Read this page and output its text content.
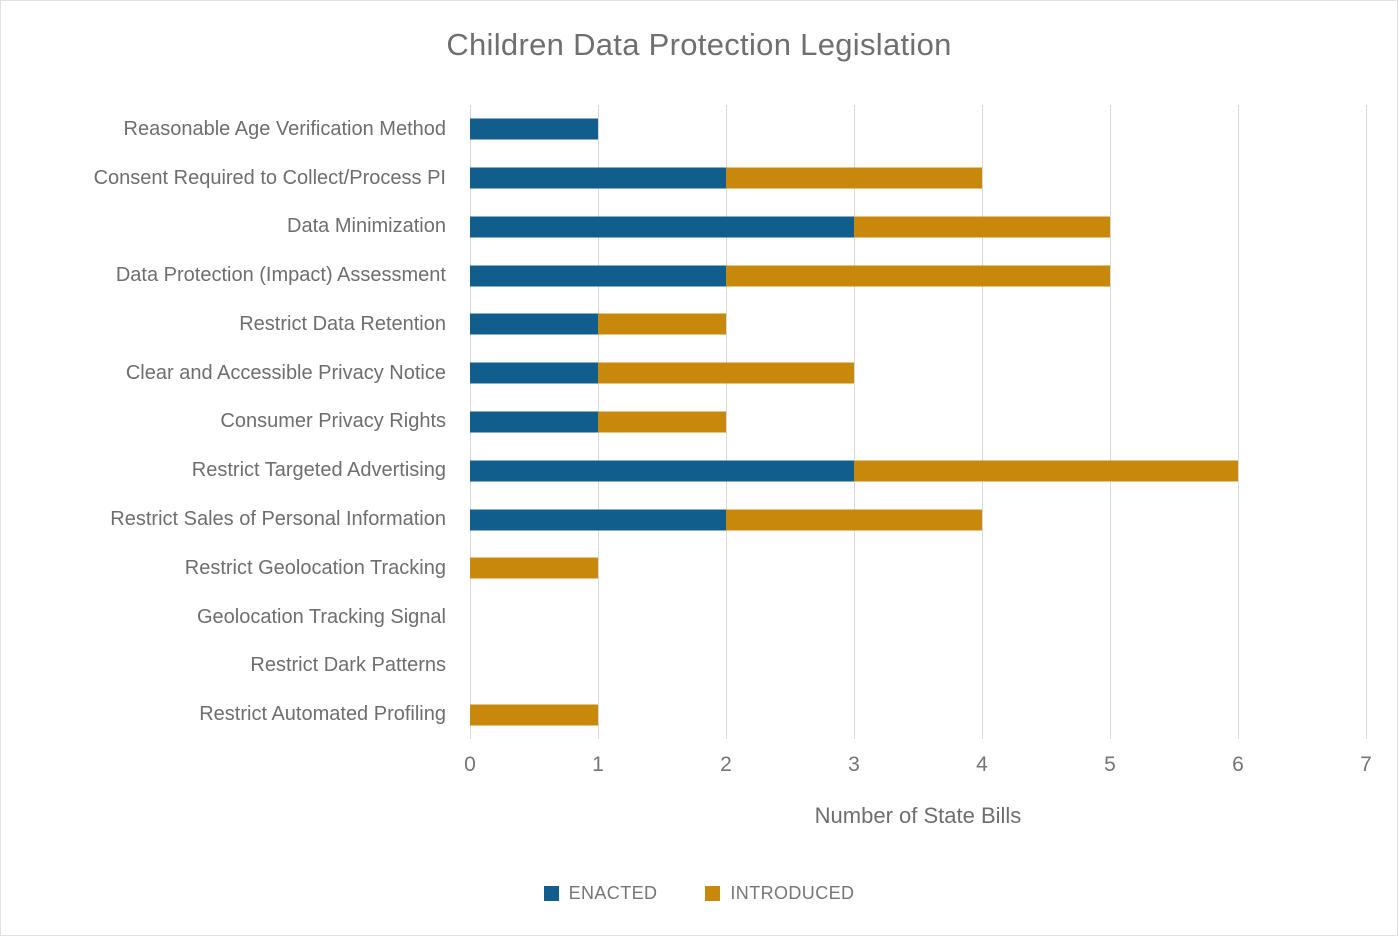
Children Data Protection Legislation
Reasonable Age Verification Method
Consent Required to Collect/Process PI
Data Minimization
Data Protection (Impact) Assessment
Restrict Data Retention
Clear and Accessible Privacy Notice
Consumer Privacy Rights
Restrict Targeted Advertising
Restrict Sales of Personal Information
Restrict Geolocation Tracking
Geolocation Tracking Signal
Restrict Dark Patterns
Restrict Automated Profiling
0	1	2	3	4	5	6	7
Number of State Bills
ENACTED	INTRODUCED
